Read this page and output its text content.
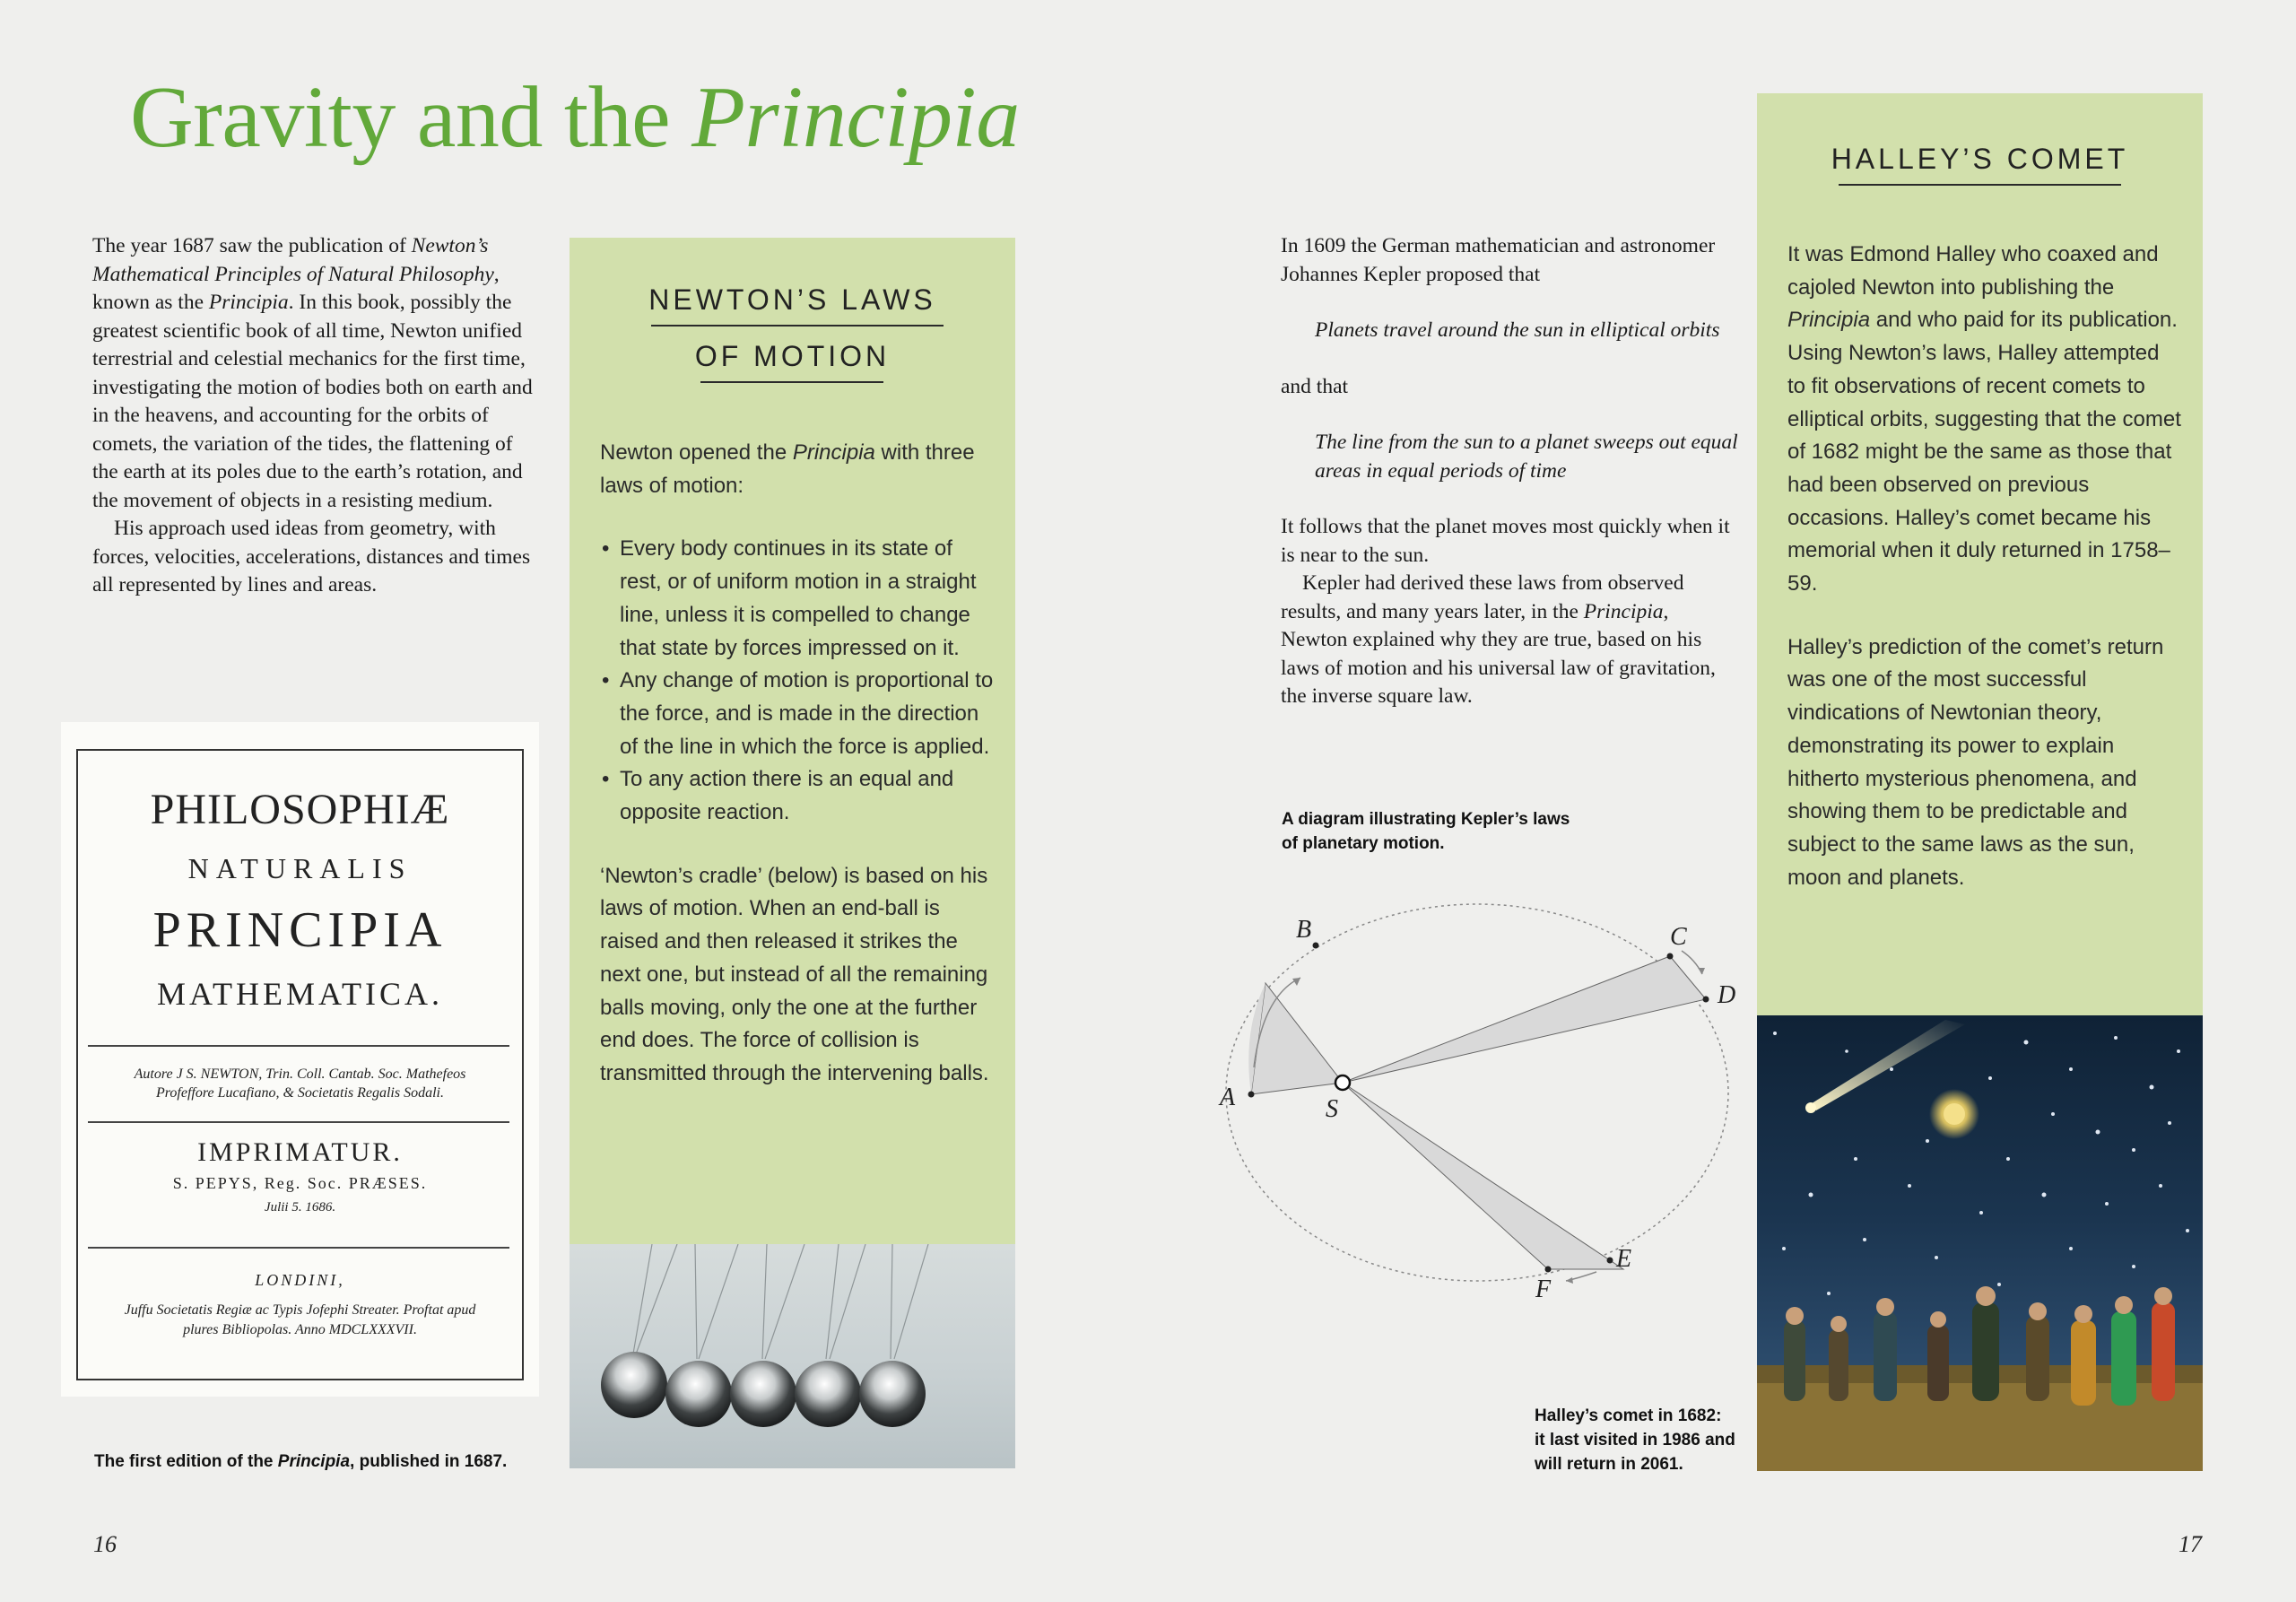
Gravity and the Principia

The year 1687 saw the publication of Newton’s Mathematical Principles of Natural Philosophy, known as the Principia. In this book, possibly the greatest scientific book of all time, Newton unified terrestrial and celestial mechanics for the first time, investigating the motion of bodies both on earth and in the heavens, and accounting for the orbits of comets, the variation of the tides, the flattening of the earth at its poles due to the earth’s rotation, and the movement of objects in a resisting medium.

His approach used ideas from geometry, with forces, velocities, accelerations, distances and times all represented by lines and areas.

PHILOSOPHIÆ
NATURALIS
PRINCIPIA
MATHEMATICA.
Autore J S. NEWTON, Trin. Coll. Cantab. Soc. Mathefeos
Profeffore Lucafiano, & Societatis Regalis Sodali.
IMPRIMATUR.
S. PEPYS, Reg. Soc. PRÆSES.
Julii 5. 1686.
LONDINI,
Juffu Societatis Regiæ ac Typis Jofephi Streater. Proftat apud
plures Bibliopolas. Anno MDCLXXXVII.
The first edition of the Principia, published in 1687.
NEWTON’S LAWS
OF MOTION

Newton opened the Principia with three laws of motion:

• Every body continues in its state of rest, or of uniform motion in a straight line, unless it is compelled to change that state by forces impressed on it.

• Any change of motion is proportional to the force, and is made in the direction of the line in which the force is applied.

• To any action there is an equal and opposite reaction.

‘Newton’s cradle’ (below) is based on his laws of motion. When an end-ball is raised and then released it strikes the next one, but instead of all the remaining balls moving, only the one at the further end does. The force of collision is transmitted through the intervening balls.

In 1609 the German mathematician and astronomer Johannes Kepler proposed that

Planets travel around the sun in elliptical orbits

and that

The line from the sun to a planet sweeps out equal areas in equal periods of time

It follows that the planet moves most quickly when it is near to the sun.

Kepler had derived these laws from observed results, and many years later, in the Principia, Newton explained why they are true, based on his laws of motion and his universal law of gravitation, the inverse square law.

A diagram illustrating Kepler’s laws of planetary motion.
A
B	C
D
E
F
S
Halley’s comet in 1682: it last visited in 1986 and will return in 2061.
HALLEY’S COMET

It was Edmond Halley who coaxed and cajoled Newton into publishing the Principia and who paid for its publication. Using Newton’s laws, Halley attempted to fit observations of recent comets to elliptical orbits, suggesting that the comet of 1682 might be the same as those that had been observed on previous occasions. Halley’s comet became his memorial when it duly returned in 1758–59.

Halley’s prediction of the comet’s return was one of the most successful vindications of Newtonian theory, demonstrating its power to explain hitherto mysterious phenomena, and showing them to be predictable and subject to the same laws as the sun, moon and planets.

16	17
